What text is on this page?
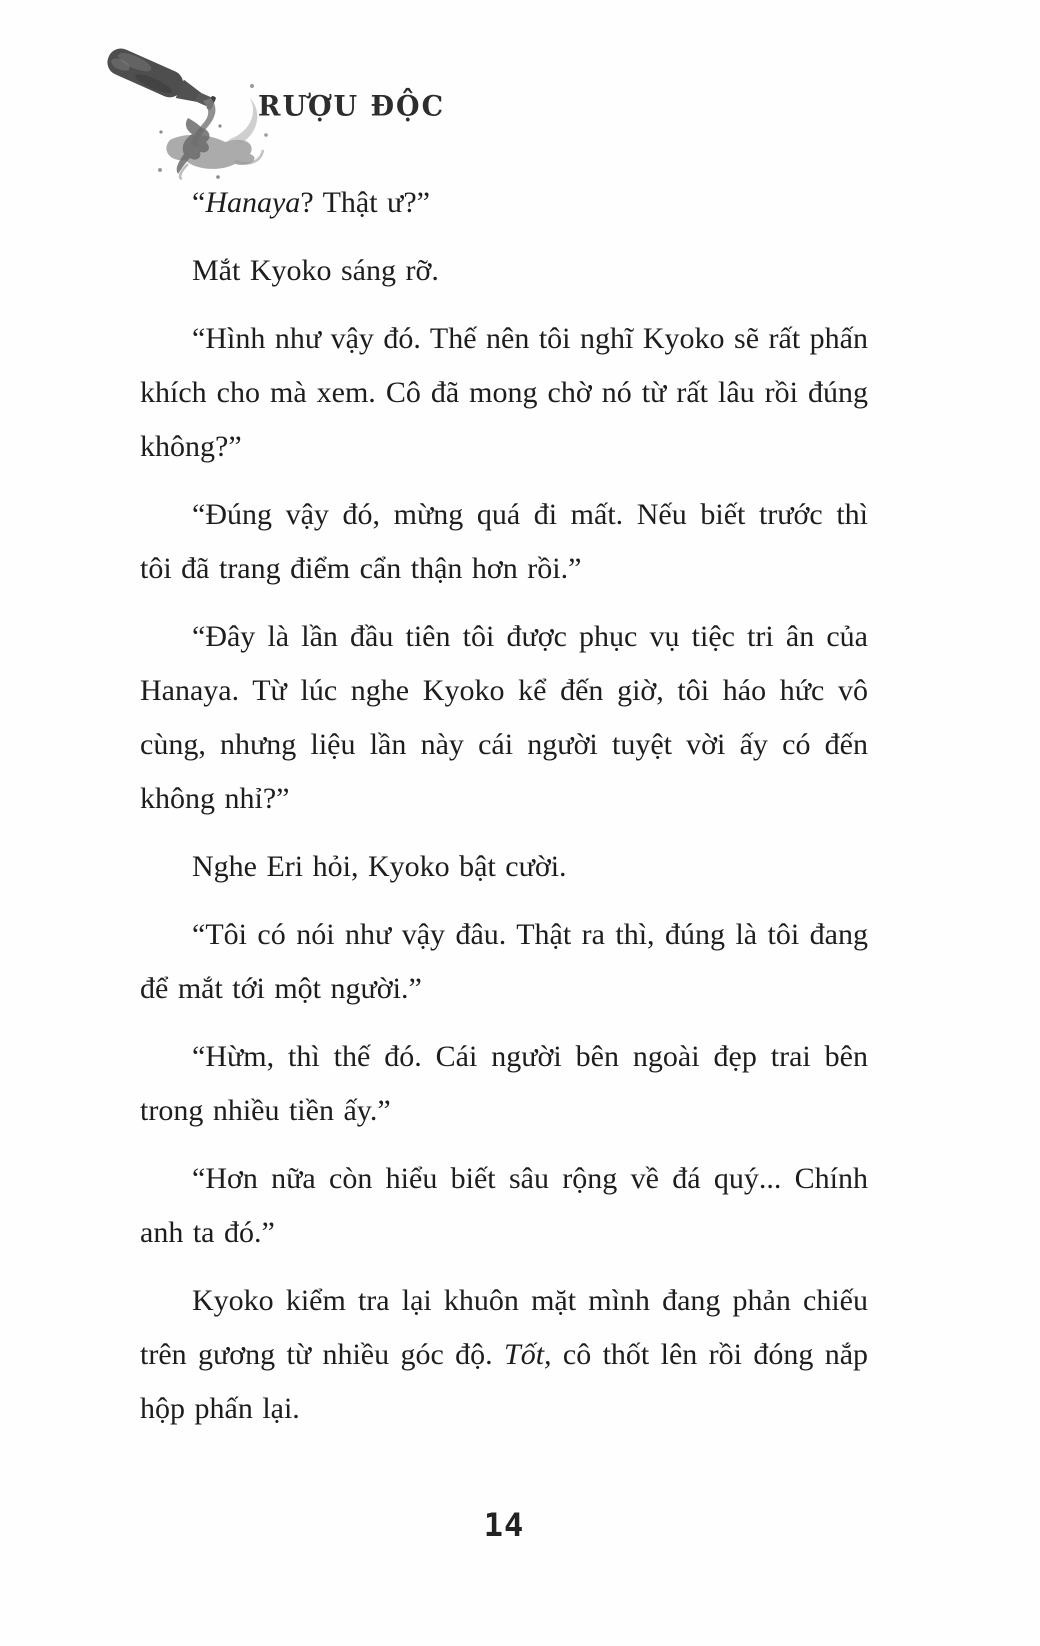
RƯỢU ĐỘC

“Hanaya? Thật ư?”

Mắt Kyoko sáng rỡ.

“Hình như vậy đó. Thế nên tôi nghĩ Kyoko sẽ rất phấn khích cho mà xem. Cô đã mong chờ nó từ rất lâu rồi đúng không?”

“Đúng vậy đó, mừng quá đi mất. Nếu biết trước thì tôi đã trang điểm cẩn thận hơn rồi.”

“Đây là lần đầu tiên tôi được phục vụ tiệc tri ân của Hanaya. Từ lúc nghe Kyoko kể đến giờ, tôi háo hức vô cùng, nhưng liệu lần này cái người tuyệt vời ấy có đến không nhỉ?”

Nghe Eri hỏi, Kyoko bật cười.

“Tôi có nói như vậy đâu. Thật ra thì, đúng là tôi đang để mắt tới một người.”

“Hừm, thì thế đó. Cái người bên ngoài đẹp trai bên trong nhiều tiền ấy.”

“Hơn nữa còn hiểu biết sâu rộng về đá quý... Chính anh ta đó.”

Kyoko kiểm tra lại khuôn mặt mình đang phản chiếu trên gương từ nhiều góc độ. Tốt, cô thốt lên rồi đóng nắp hộp phấn lại.

14
